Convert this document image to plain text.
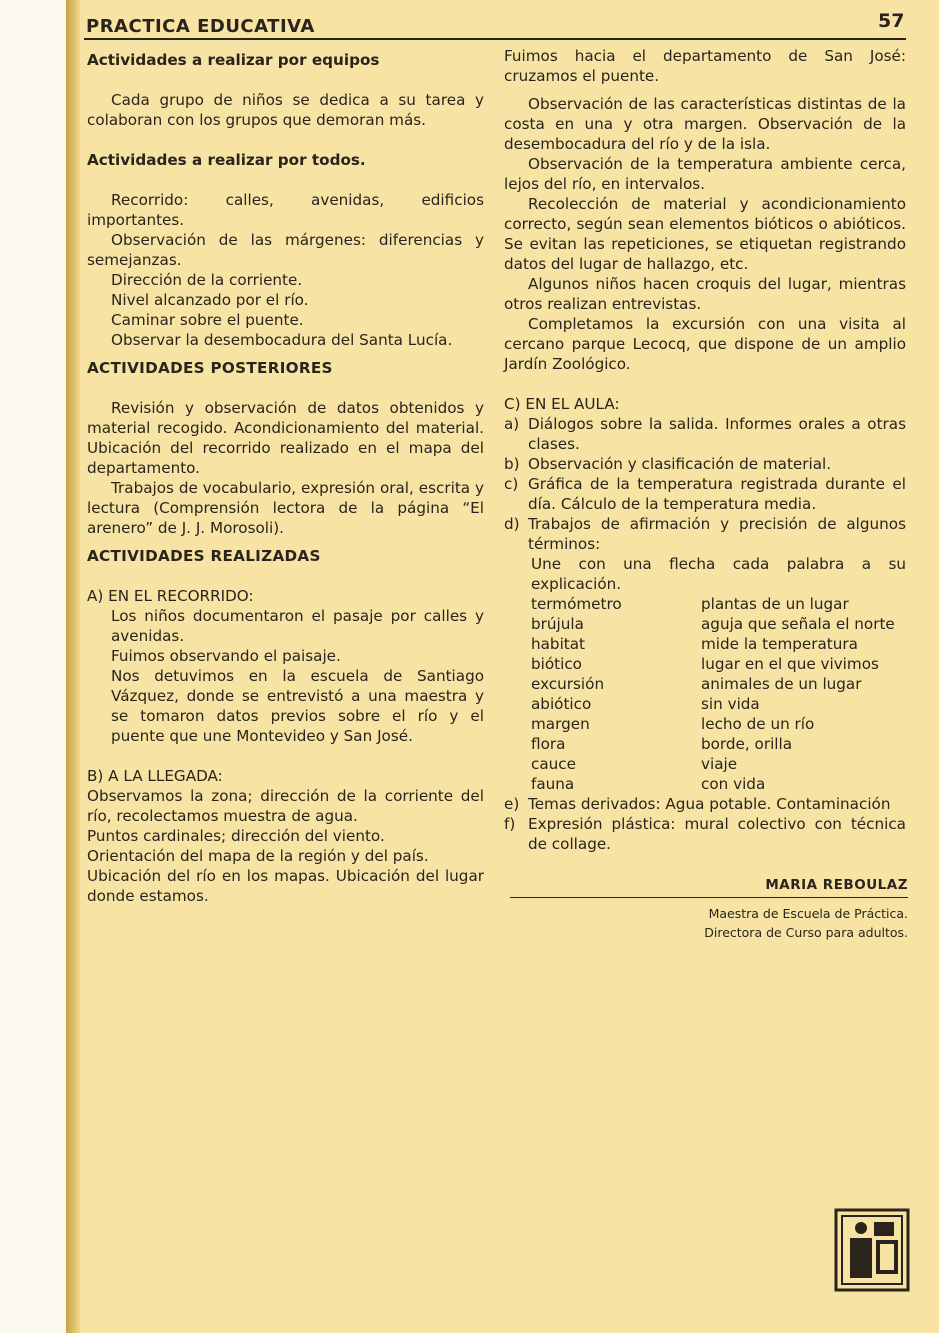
PRACTICA EDUCATIVA	57

Actividades a realizar por equipos

Cada grupo de niños se dedica a su tarea y colaboran con los grupos que demoran más.

Actividades a realizar por todos.

Recorrido: calles, avenidas, edificios importantes.

Observación de las márgenes: diferencias y semejanzas.

Dirección de la corriente.

Nivel alcanzado por el río.

Caminar sobre el puente.

Observar la desembocadura del Santa Lucía.

ACTIVIDADES POSTERIORES

Revisión y observación de datos obtenidos y material recogido. Acondicionamiento del material. Ubicación del recorrido realizado en el mapa del departamento.

Trabajos de vocabulario, expresión oral, escrita y lectura (Comprensión lectora de la página “El arenero” de J. J. Morosoli).

ACTIVIDADES REALIZADAS

A) EN EL RECORRIDO:

Los niños documentaron el pasaje por calles y avenidas.

Fuimos observando el paisaje.

Nos detuvimos en la escuela de Santiago Vázquez, donde se entrevistó a una maestra y se tomaron datos previos sobre el río y el puente que une Montevideo y San José.

B) A LA LLEGADA:

Observamos la zona; dirección de la corriente del río, recolectamos muestra de agua.

Puntos cardinales; dirección del viento.

Orientación del mapa de la región y del país.

Ubicación del río en los mapas. Ubicación del lugar donde estamos.

Fuimos hacia el departamento de San José: cruzamos el puente.

Observación de las características distintas de la costa en una y otra margen. Observación de la desembocadura del río y de la isla.

Observación de la temperatura ambiente cerca, lejos del río, en intervalos.

Recolección de material y acondicionamiento correcto, según sean elementos bióticos o abióticos. Se evitan las repeticiones, se etiquetan registrando datos del lugar de hallazgo, etc.

Algunos niños hacen croquis del lugar, mientras otros realizan entrevistas.

Completamos la excursión con una visita al cercano parque Lecocq, que dispone de un amplio Jardín Zoológico.

C) EN EL AULA:

a) Diálogos sobre la salida. Informes orales a otras clases.
b) Observación y clasificación de material.
c) Gráfica de la temperatura registrada durante el día. Cálculo de la temperatura media.
d) Trabajos de afirmación y precisión de algunos términos:

Une con una flecha cada palabra a su explicación.

termómetro	plantas de un lugar
brújula	aguja que señala el norte
habitat	mide la temperatura
biótico	lugar en el que vivimos
excursión	animales de un lugar
abiótico	sin vida
margen	lecho de un río
flora	borde, orilla
cauce	viaje
fauna	con vida
e) Temas derivados: Agua potable. Contaminación
f) Expresión plástica: mural colectivo con técnica de collage.
MARIA REBOULAZ
Maestra de Escuela de Práctica.
Directora de Curso para adultos.
